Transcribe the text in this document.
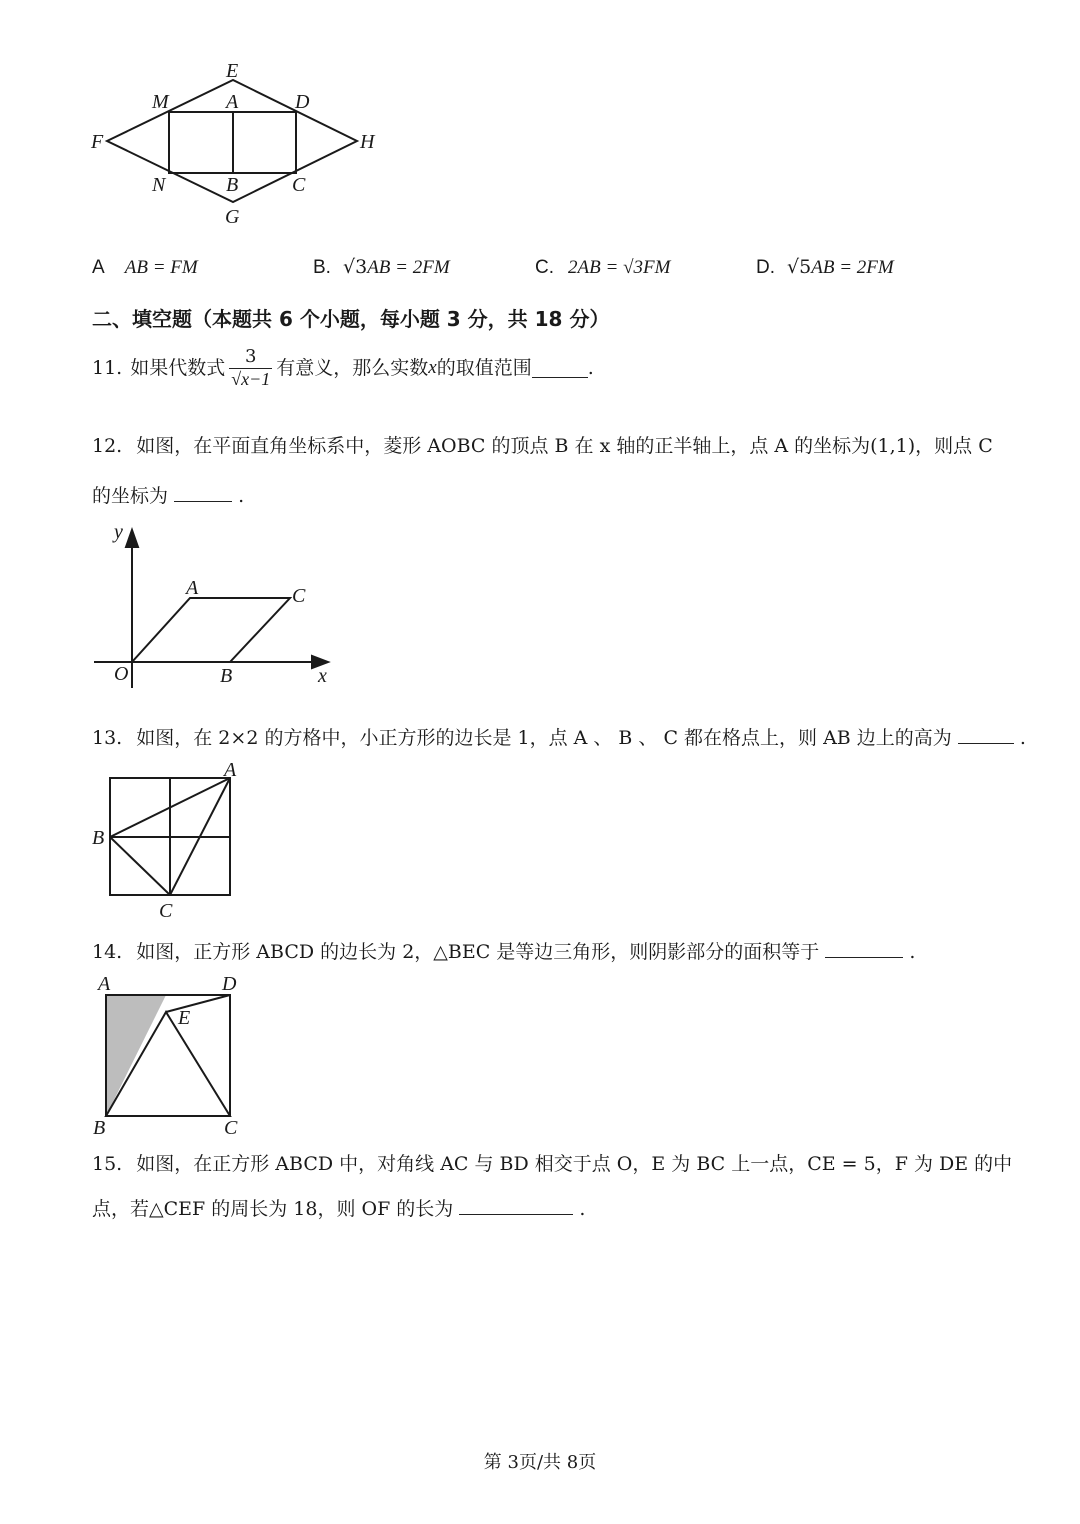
E
M	A	D
F	H
N	B	C
G
A AB = FM	B. √3AB = 2FM	C. 2AB = √3FM	D. √5AB = 2FM
二、填空题（本题共 6 个小题，每小题 3 分，共 18 分）
11. 如果代数式 $\frac{3}{√x-1}$ 有意义，那么实数 x 的取值范围	.
12. 如图，在平面直角坐标系中，菱形 AOBC 的顶点 B 在 x 轴的正半轴上，点 A 的坐标为(1,1)，则点 C
的坐标为	.
y
x
O
A
B
C
13. 如图，在 2×2 的方格中，小正方形的边长是 1，点 A 、 B 、 C 都在格点上，则 AB 边上的高为	.
A
B
C
14. 如图，正方形 ABCD 的边长为 2，△BEC 是等边三角形，则阴影部分的面积等于	.
A	D
E
B	C
15. 如图，在正方形 ABCD 中，对角线 AC 与 BD 相交于点 O，E 为 BC 上一点，CE = 5，F 为 DE 的中
点，若△CEF 的周长为 18，则 OF 的长为	.
第 3页/共 8页
